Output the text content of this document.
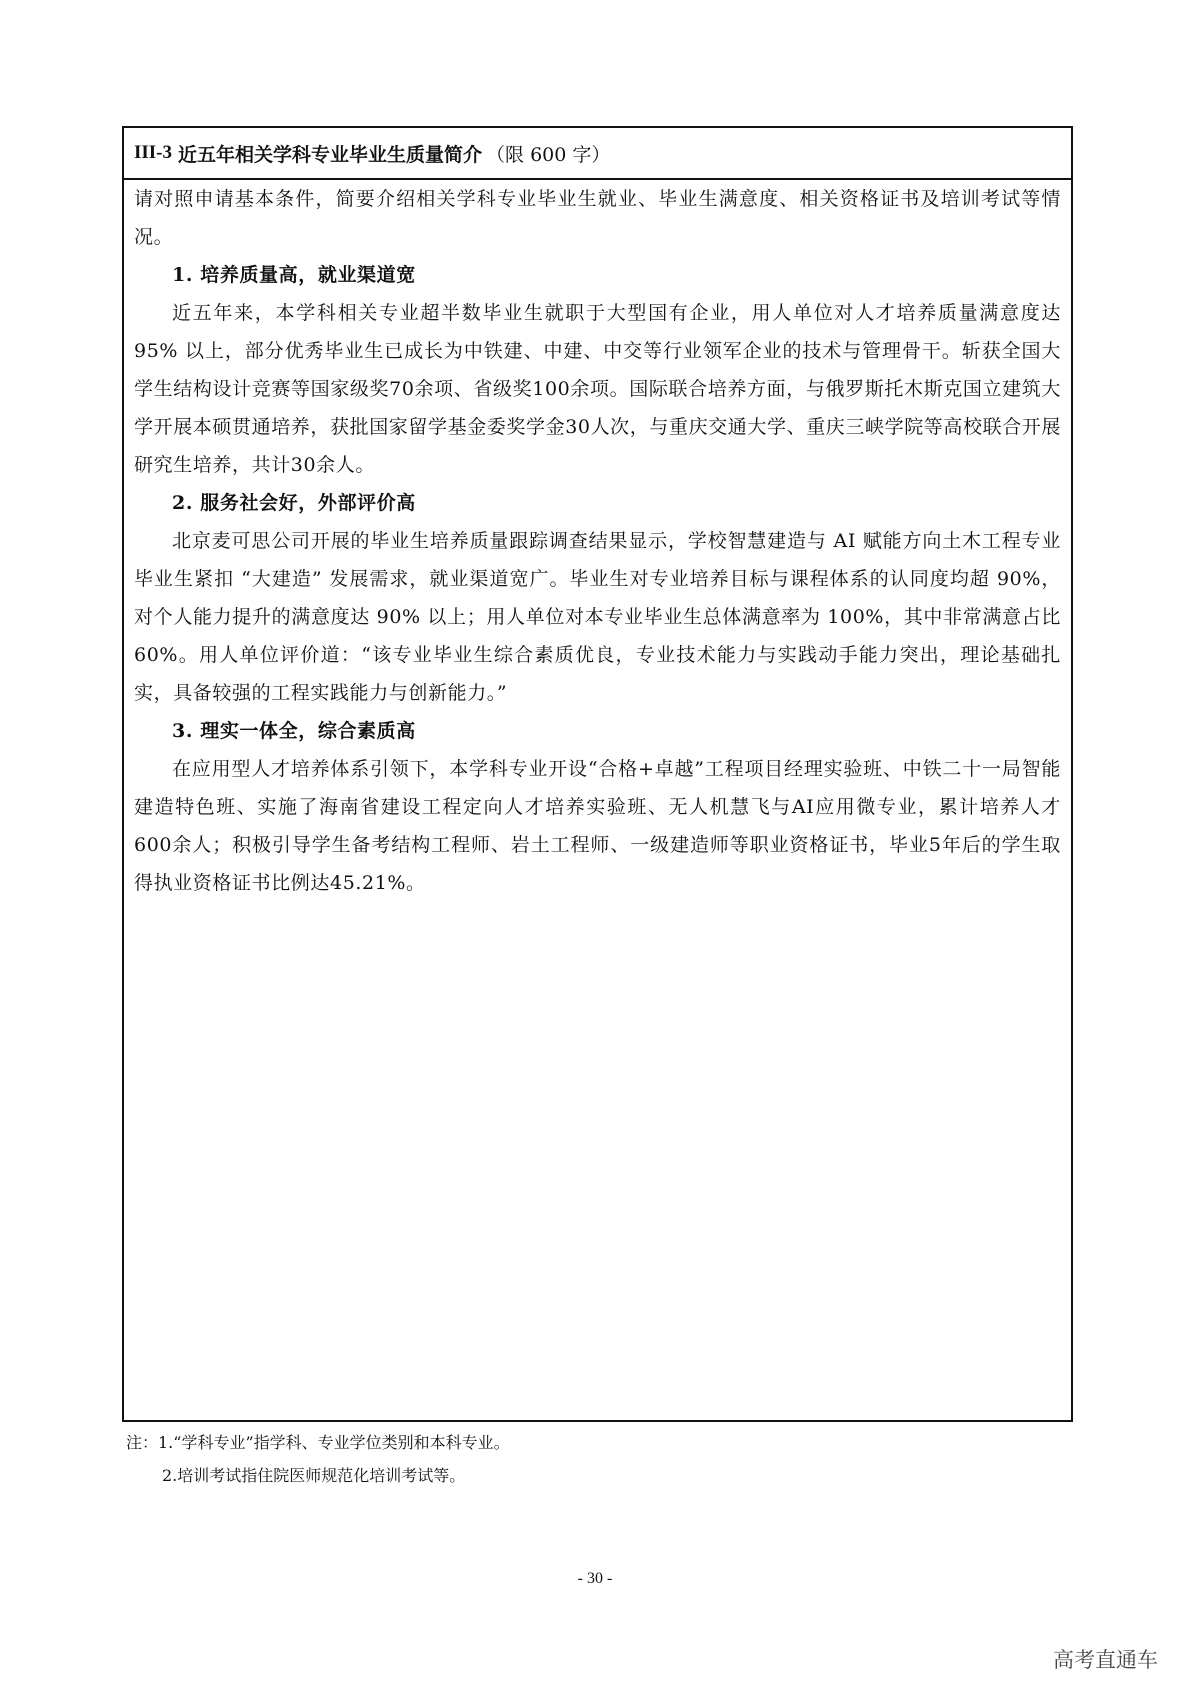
III-3 近五年相关学科专业毕业生质量简介 （限 600 字）

请对照申请基本条件，简要介绍相关学科专业毕业生就业、毕业生满意度、相关资格证书及培训考试等情况。

1. 培养质量高，就业渠道宽

近五年来，本学科相关专业超半数毕业生就职于大型国有企业，用人单位对人才培养质量满意度达 95% 以上，部分优秀毕业生已成长为中铁建、中建、中交等行业领军企业的技术与管理骨干。斩获全国大学生结构设计竞赛等国家级奖70余项、省级奖100余项。国际联合培养方面，与俄罗斯托木斯克国立建筑大学开展本硕贯通培养，获批国家留学基金委奖学金30人次，与重庆交通大学、重庆三峡学院等高校联合开展研究生培养，共计30余人。

2. 服务社会好，外部评价高

北京麦可思公司开展的毕业生培养质量跟踪调查结果显示，学校智慧建造与 AI 赋能方向土木工程专业毕业生紧扣 “大建造” 发展需求，就业渠道宽广。毕业生对专业培养目标与课程体系的认同度均超 90%，对个人能力提升的满意度达 90% 以上；用人单位对本专业毕业生总体满意率为 100%，其中非常满意占比 60%。用人单位评价道：“该专业毕业生综合素质优良，专业技术能力与实践动手能力突出，理论基础扎实，具备较强的工程实践能力与创新能力。”

3. 理实一体全，综合素质高

在应用型人才培养体系引领下，本学科专业开设“合格+卓越”工程项目经理实验班、中铁二十一局智能建造特色班、实施了海南省建设工程定向人才培养实验班、无人机慧飞与AI应用微专业，累计培养人才 600余人；积极引导学生备考结构工程师、岩土工程师、一级建造师等职业资格证书，毕业5年后的学生取得执业资格证书比例达45.21%。

注：1.“学科专业”指学科、专业学位类别和本科专业。
2.培训考试指住院医师规范化培训考试等。
- 30 -
高考直通车
